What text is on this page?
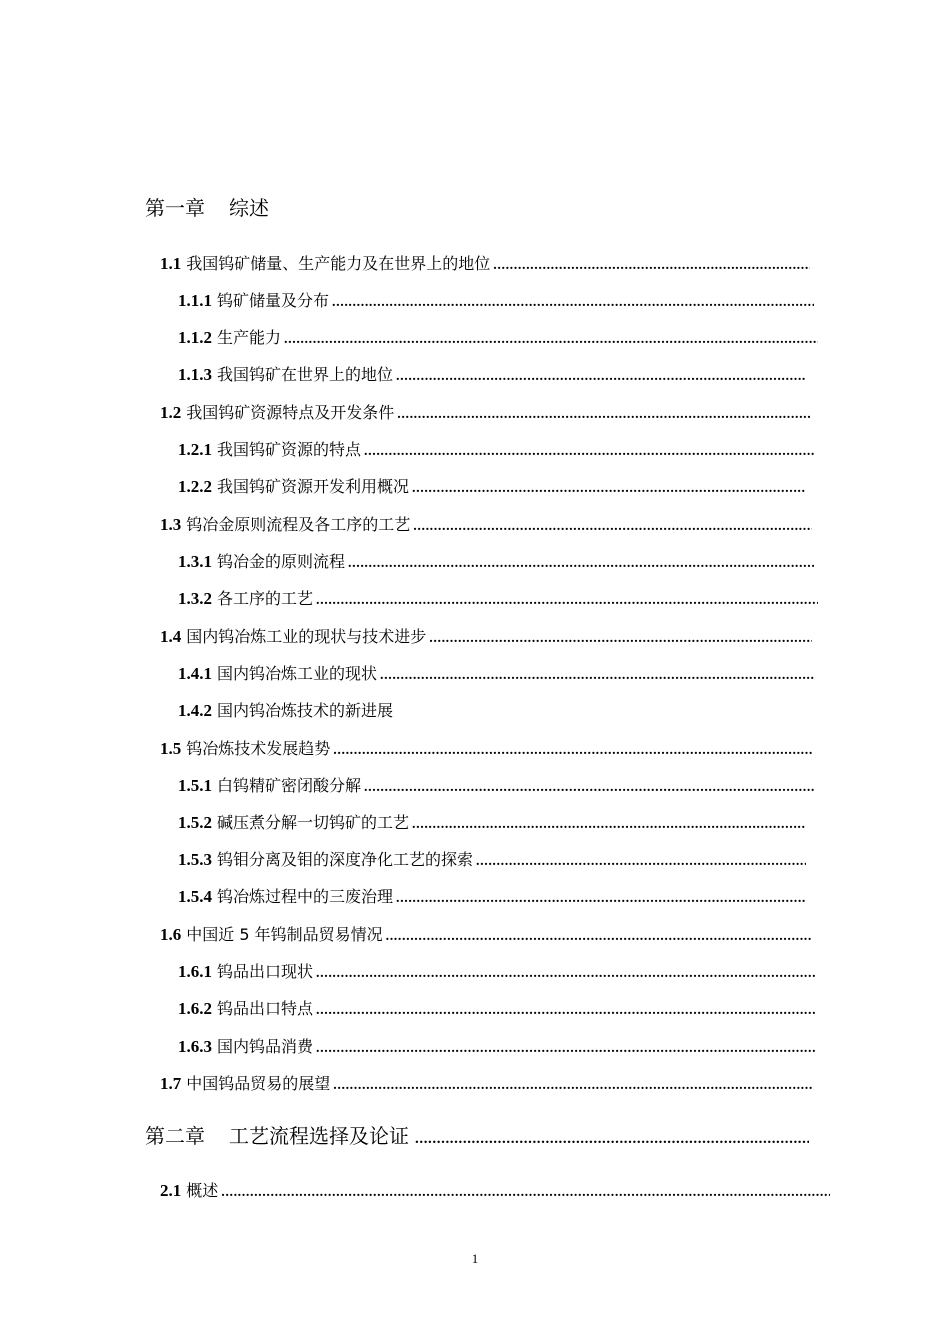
第一章 综述
1.1 我国钨矿储量、生产能力及在世界上的地位
.....
1.1.1 钨矿储量及分布
.....
1.1.2 生产能力
.....
1.1.3 我国钨矿在世界上的地位
.....
1.2 我国钨矿资源特点及开发条件
.....
1.2.1 我国钨矿资源的特点
.....
1.2.2 我国钨矿资源开发利用概况
.....
1.3 钨冶金原则流程及各工序的工艺
.....
1.3.1 钨冶金的原则流程
.....
1.3.2 各工序的工艺
.....
1.4 国内钨冶炼工业的现状与技术进步
.....
1.4.1 国内钨冶炼工业的现状
.....
1.4.2 国内钨冶炼技术的新进展
1.5 钨冶炼技术发展趋势
.....
1.5.1 白钨精矿密闭酸分解
.....
1.5.2 碱压煮分解一切钨矿的工艺
.....
1.5.3 钨钼分离及钼的深度净化工艺的探索
.....
1.5.4 钨冶炼过程中的三废治理
.....
1.6 中国近 5 年钨制品贸易情况
.....
1.6.1 钨品出口现状
.....
1.6.2 钨品出口特点
.....
1.6.3 国内钨品消费
.....
1.7 中国钨品贸易的展望
.....
第二章 工艺流程选择及论证
.....
2.1 概述
.....
1
